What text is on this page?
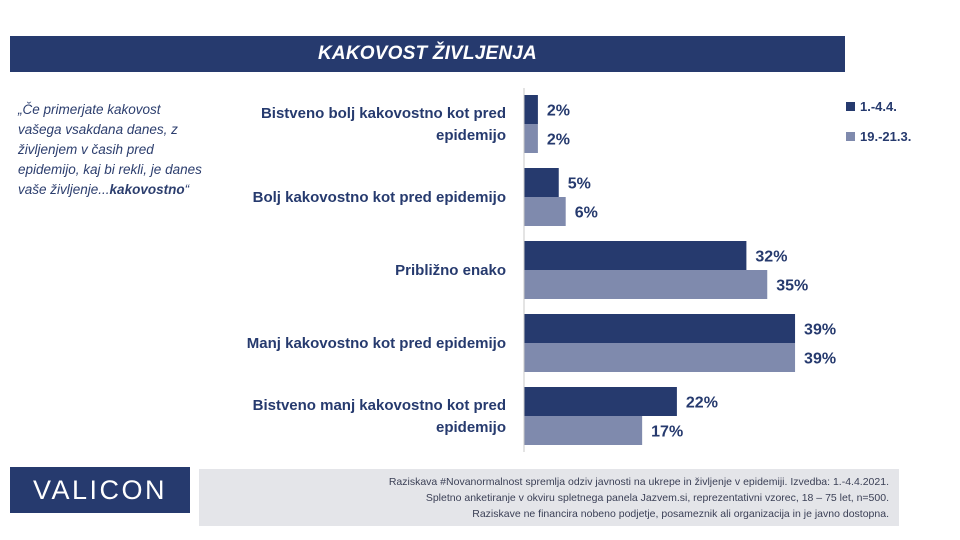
KAKOVOST ŽIVLJENJA
„Če primerjate kakovost vašega vsakdana danes, z življenjem v časih pred epidemijo, kaj bi rekli, je danes vaše življenje...kakovostno“
Bistveno bolj kakovostno kot pred
epidemijo
2%
2%
Bolj kakovostno kot pred epidemijo
5%
6%
Približno enako
32%
35%
Manj kakovostno kot pred epidemijo
39%
39%
Bistveno manj kakovostno kot pred
epidemijo
22%
17%
1.-4.4.
19.-21.3.
VALICON	Raziskava #Novanormalnost spremlja odziv javnosti na ukrepe in življenje v epidemiji. Izvedba: 1.-4.4.2021.
Spletno anketiranje v okviru spletnega panela Jazvem.si, reprezentativni vzorec, 18 – 75 let, n=500.
Raziskave ne financira nobeno podjetje, posameznik ali organizacija in je javno dostopna.
